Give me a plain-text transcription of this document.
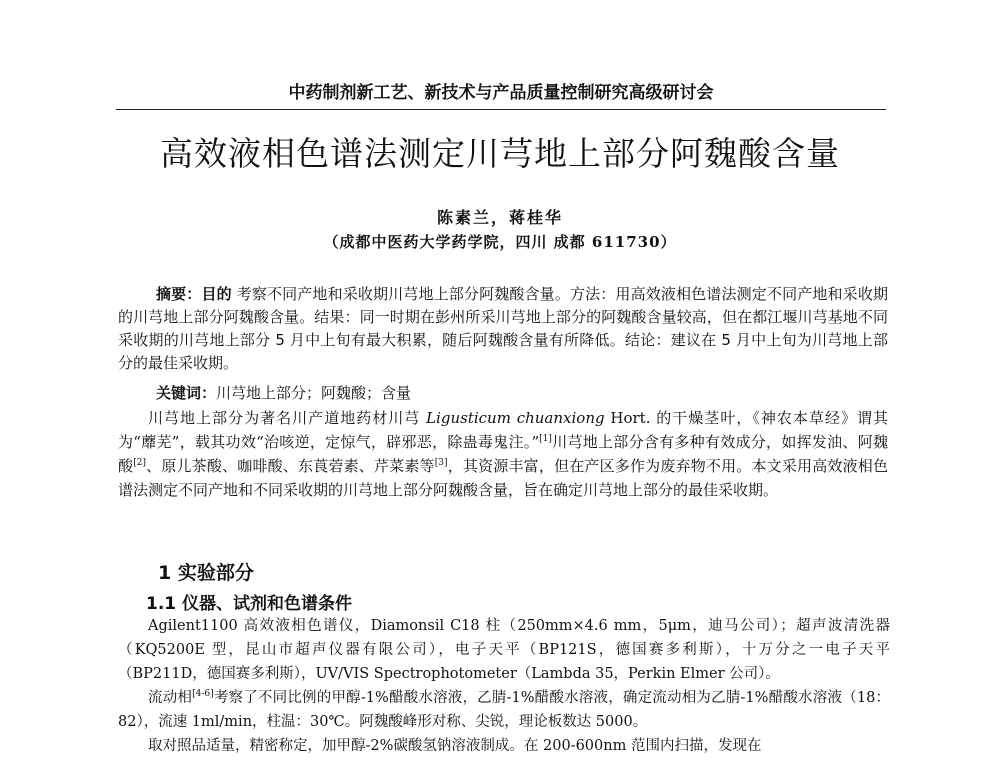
中药制剂新工艺、新技术与产品质量控制研究高级研讨会
高效液相色谱法测定川芎地上部分阿魏酸含量
陈素兰，蒋桂华
（成都中医药大学药学院，四川 成都 611730）
摘要：目的 考察不同产地和采收期川芎地上部分阿魏酸含量。方法：用高效液相色谱法测定不同产地和采收期的川芎地上部分阿魏酸含量。结果：同一时期在彭州所采川芎地上部分的阿魏酸含量较高，但在都江堰川芎基地不同采收期的川芎地上部分 5 月中上旬有最大积累，随后阿魏酸含量有所降低。结论：建议在 5 月中上旬为川芎地上部分的最佳采收期。
关键词：川芎地上部分；阿魏酸；含量
川芎地上部分为著名川产道地药材川芎 Ligusticum chuanxiong Hort. 的干燥茎叶，《神农本草经》谓其为“蘼芜”，载其功效“治咳逆，定惊气，辟邪恶，除蛊毒鬼注。”[1]川芎地上部分含有多种有效成分，如挥发油、阿魏酸[2]、原儿茶酸、咖啡酸、东莨菪素、芹菜素等[3]，其资源丰富，但在产区多作为废弃物不用。本文采用高效液相色谱法测定不同产地和不同采收期的川芎地上部分阿魏酸含量，旨在确定川芎地上部分的最佳采收期。
1 实验部分
1.1 仪器、试剂和色谱条件
Agilent1100 高效液相色谱仪，Diamonsil C18 柱（250mm×4.6 mm，5μm，迪马公司）；超声波清洗器（KQ5200E 型，昆山市超声仪器有限公司），电子天平（BP121S，德国赛多利斯），十万分之一电子天平（BP211D，德国赛多利斯），UV/VIS Spectrophotometer（Lambda 35，Perkin Elmer 公司）。
流动相[4-6]考察了不同比例的甲醇-1%醋酸水溶液，乙腈-1%醋酸水溶液，确定流动相为乙腈-1%醋酸水溶液（18：82），流速 1ml/min，柱温：30℃。阿魏酸峰形对称、尖锐，理论板数达 5000。
取对照品适量，精密称定，加甲醇-2%碳酸氢钠溶液制成。在 200-600nm 范围内扫描，发现在
